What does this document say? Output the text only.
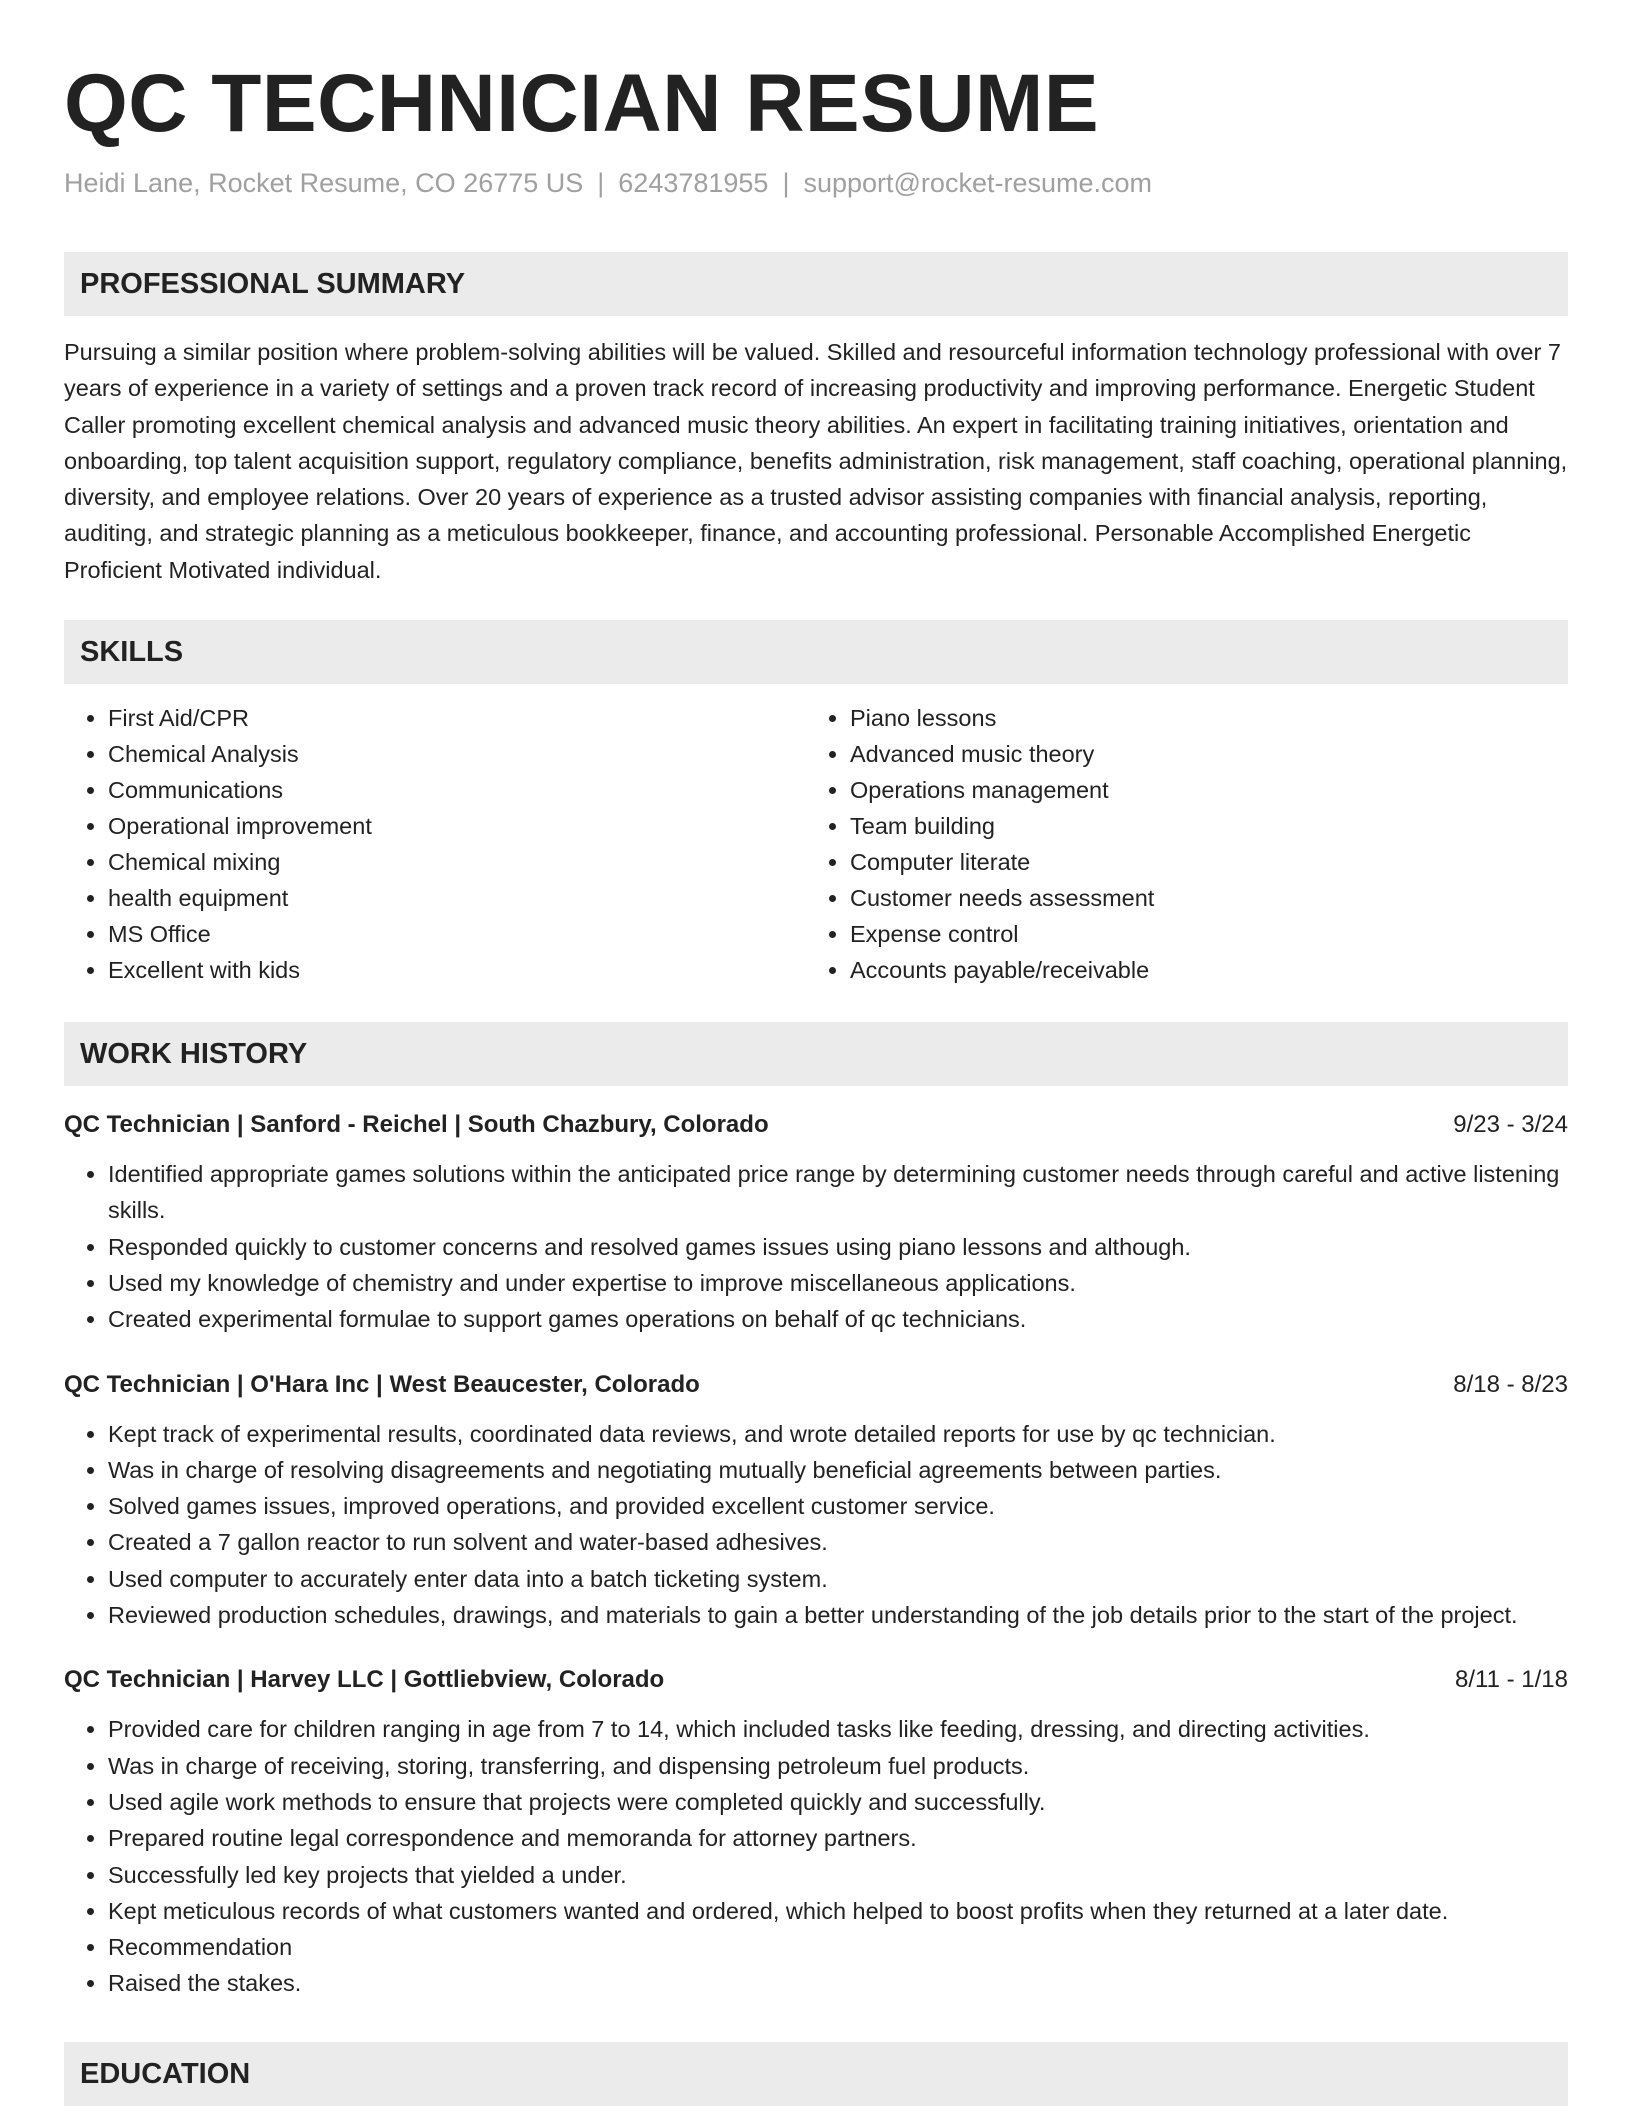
QC TECHNICIAN RESUME
Heidi Lane, Rocket Resume, CO 26775 US | 6243781955 | support@rocket-resume.com
PROFESSIONAL SUMMARY

Pursuing a similar position where problem-solving abilities will be valued. Skilled and resourceful information technology professional with over 7 years of experience in a variety of settings and a proven track record of increasing productivity and improving performance. Energetic Student Caller promoting excellent chemical analysis and advanced music theory abilities. An expert in facilitating training initiatives, orientation and onboarding, top talent acquisition support, regulatory compliance, benefits administration, risk management, staff coaching, operational planning, diversity, and employee relations. Over 20 years of experience as a trusted advisor assisting companies with financial analysis, reporting, auditing, and strategic planning as a meticulous bookkeeper, finance, and accounting professional. Personable Accomplished Energetic Proficient Motivated individual.

SKILLS
• First Aid/CPR
• Chemical Analysis
• Communications
• Operational improvement
• Chemical mixing
• health equipment
• MS Office
• Excellent with kids
• Piano lessons
• Advanced music theory
• Operations management
• Team building
• Computer literate
• Customer needs assessment
• Expense control
• Accounts payable/receivable
WORK HISTORY
QC Technician | Sanford - Reichel | South Chazbury, Colorado	9/23 - 3/24
• Identified appropriate games solutions within the anticipated price range by determining customer needs through careful and active listening skills.
• Responded quickly to customer concerns and resolved games issues using piano lessons and although.
• Used my knowledge of chemistry and under expertise to improve miscellaneous applications.
• Created experimental formulae to support games operations on behalf of qc technicians.
QC Technician | O'Hara Inc | West Beaucester, Colorado	8/18 - 8/23
• Kept track of experimental results, coordinated data reviews, and wrote detailed reports for use by qc technician.
• Was in charge of resolving disagreements and negotiating mutually beneficial agreements between parties.
• Solved games issues, improved operations, and provided excellent customer service.
• Created a 7 gallon reactor to run solvent and water-based adhesives.
• Used computer to accurately enter data into a batch ticketing system.
• Reviewed production schedules, drawings, and materials to gain a better understanding of the job details prior to the start of the project.
QC Technician | Harvey LLC | Gottliebview, Colorado	8/11 - 1/18
• Provided care for children ranging in age from 7 to 14, which included tasks like feeding, dressing, and directing activities.
• Was in charge of receiving, storing, transferring, and dispensing petroleum fuel products.
• Used agile work methods to ensure that projects were completed quickly and successfully.
• Prepared routine legal correspondence and memoranda for attorney partners.
• Successfully led key projects that yielded a under.
• Kept meticulous records of what customers wanted and ordered, which helped to boost profits when they returned at a later date.
• Recommendation
• Raised the stakes.
EDUCATION
